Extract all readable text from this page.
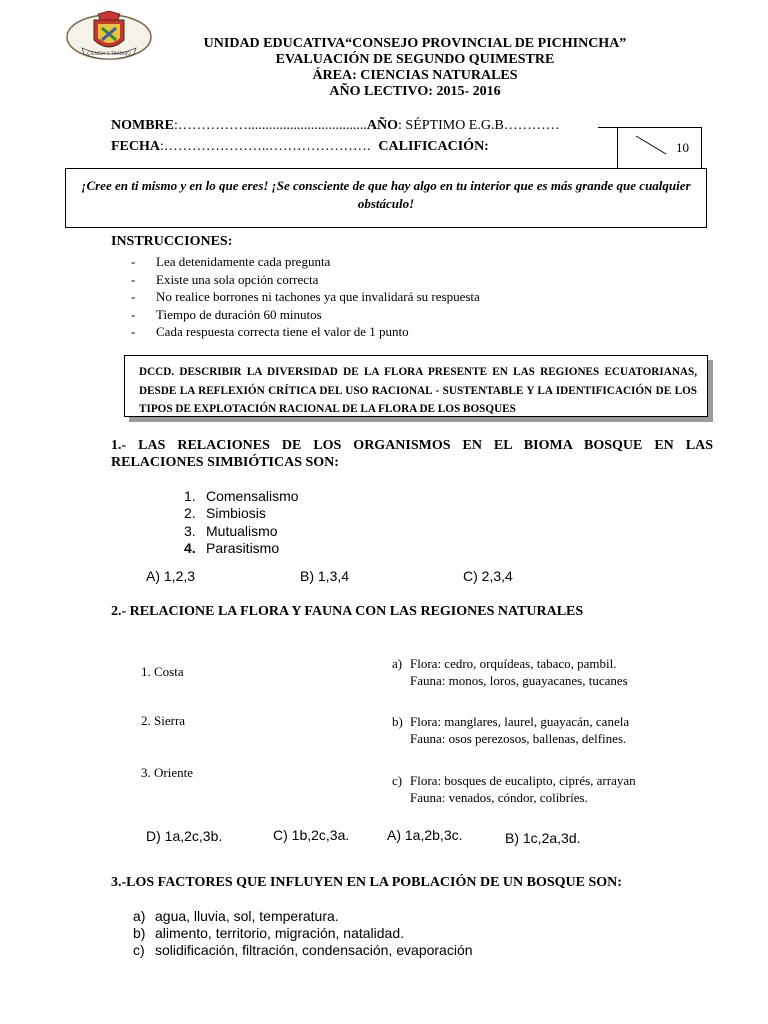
CIENCIA Y TRABAJO
UNIDAD EDUCATIVA“CONSEJO PROVINCIAL DE PICHINCHA”
EVALUACIÓN DE SEGUNDO QUIMESTRE
ÁREA: CIENCIAS NATURALES
AÑO LECTIVO: 2015- 2016
NOMBRE:……………..................................AÑO: SÉPTIMO E.G.B…………
FECHA:…………………..…………………. CALIFICACIÓN:	10
¡Cree en ti mismo y en lo que eres! ¡Se consciente de que hay algo en tu interior que es más grande que cualquier obstáculo!
INSTRUCCIONES:
- Lea detenidamente cada pregunta
- Existe una sola opción correcta
- No realice borrones ni tachones ya que invalidará su respuesta
- Tiempo de duración 60 minutos
- Cada respuesta correcta tiene el valor de 1 punto
DCCD. DESCRIBIR LA DIVERSIDAD DE LA FLORA PRESENTE EN LAS REGIONES ECUATORIANAS, DESDE LA REFLEXIÓN CRÍTICA DEL USO RACIONAL - SUSTENTABLE Y LA IDENTIFICACIÓN DE LOS TIPOS DE EXPLOTACIÓN RACIONAL DE LA FLORA DE LOS BOSQUES
1.- LAS RELACIONES DE LOS ORGANISMOS EN EL BIOMA BOSQUE EN LAS
RELACIONES SIMBIÓTICAS SON:
1. Comensalismo
2. Simbiosis
3. Mutualismo
4. Parasitismo
A) 1,2,3	B) 1,3,4	C) 2,3,4
2.- RELACIONE LA FLORA Y FAUNA CON LAS REGIONES NATURALES
1. Costa
2. Sierra
3. Oriente
a) Flora: cedro, orquídeas, tabaco, pambil.
Fauna: monos, loros, guayacanes, tucanes
b) Flora: manglares, laurel, guayacán, canela
Fauna: osos perezosos, ballenas, delfines.
c) Flora: bosques de eucalipto, ciprés, arrayan
Fauna: venados, cóndor, colibríes.
D) 1a,2c,3b.	C) 1b,2c,3a.	A) 1a,2b,3c.	B) 1c,2a,3d.
3.-LOS FACTORES QUE INFLUYEN EN LA POBLACIÓN DE UN BOSQUE SON:
a) agua, lluvia, sol, temperatura.
b) alimento, territorio, migración, natalidad.
c) solidificación, filtración, condensación, evaporación
